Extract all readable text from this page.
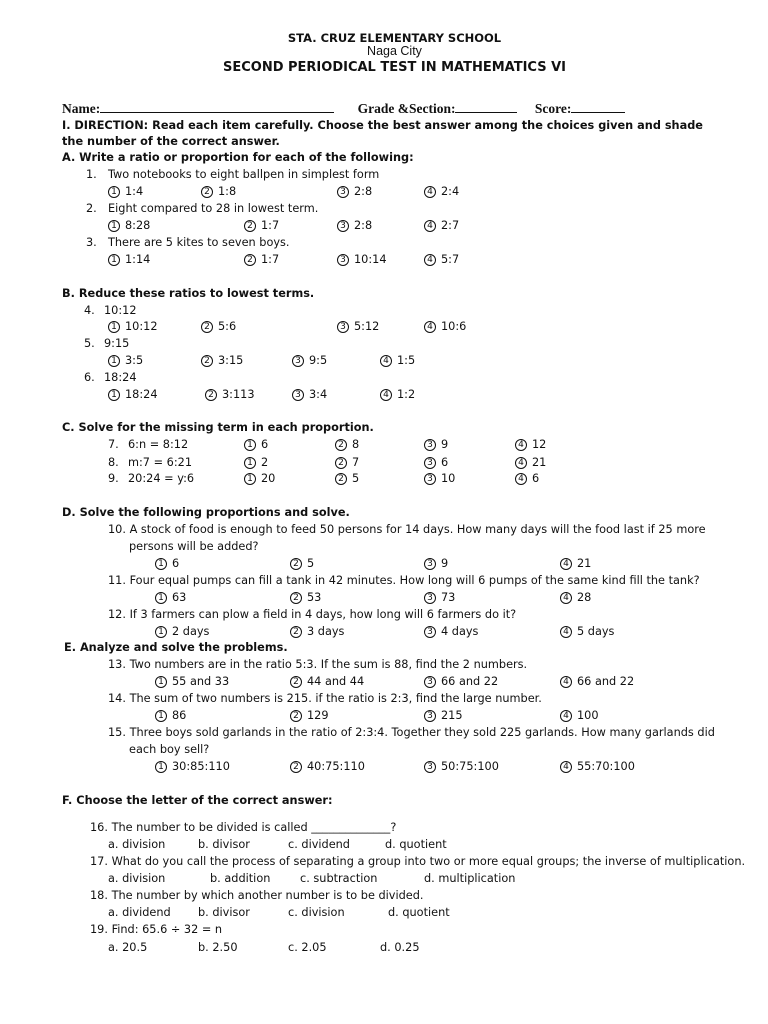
STA. CRUZ ELEMENTARY SCHOOL
Naga City
SECOND PERIODICAL TEST IN MATHEMATICS VI
Name:	Grade &Section:	Score:
I. DIRECTION: Read each item carefully. Choose the best answer among the choices given and shade the number of the correct answer.
A. Write a ratio or proportion for each of the following:
1. Two notebooks to eight ballpen in simplest form
1 1:4	2 1:8	3 2:8	4 2:4
2. Eight compared to 28 in lowest term.
1 8:28	2 1:7	3 2:8	4 2:7
3. There are 5 kites to seven boys.
1 1:14	2 1:7	3 10:14	4 5:7
B. Reduce these ratios to lowest terms.
4. 10:12
1 10:12	2 5:6	3 5:12	4 10:6
5. 9:15
1 3:5	2 3:15	3 9:5	4 1:5
6. 18:24
1 18:24	2 3:113	3 3:4	4 1:2
C. Solve for the missing term in each proportion.
7. 6:n = 8:12	1 6	2 8	3 9	4 12
8. m:7 = 6:21	1 2	2 7	3 6	4 21
9. 20:24 = y:6	1 20	2 5	3 10	4 6
D. Solve the following proportions and solve.
10. A stock of food is enough to feed 50 persons for 14 days. How many days will the food last if 25 more
persons will be added?
1 6	2 5	3 9	4 21
11. Four equal pumps can fill a tank in 42 minutes. How long will 6 pumps of the same kind fill the tank?
1 63	2 53	3 73	4 28
12. If 3 farmers can plow a field in 4 days, how long will 6 farmers do it?
1 2 days	2 3 days	3 4 days	4 5 days
E. Analyze and solve the problems.
13. Two numbers are in the ratio 5:3. If the sum is 88, find the 2 numbers.
1 55 and 33	2 44 and 44	3 66 and 22	4 66 and 22
14. The sum of two numbers is 215. if the ratio is 2:3, find the large number.
1 86	2 129	3 215	4 100
15. Three boys sold garlands in the ratio of 2:3:4. Together they sold 225 garlands. How many garlands did
each boy sell?
1 30:85:110	2 40:75:110	3 50:75:100	4 55:70:100
F. Choose the letter of the correct answer:
16. The number to be divided is called ______________?
a. division	b. divisor	c. dividend	d. quotient
17. What do you call the process of separating a group into two or more equal groups; the inverse of multiplication.
a. division	b. addition	c. subtraction	d. multiplication
18. The number by which another number is to be divided.
a. dividend b. divisor	c. division	d. quotient
19. Find: 65.6 ÷ 32 = n
a. 20.5	b. 2.50	c. 2.05	d. 0.25
